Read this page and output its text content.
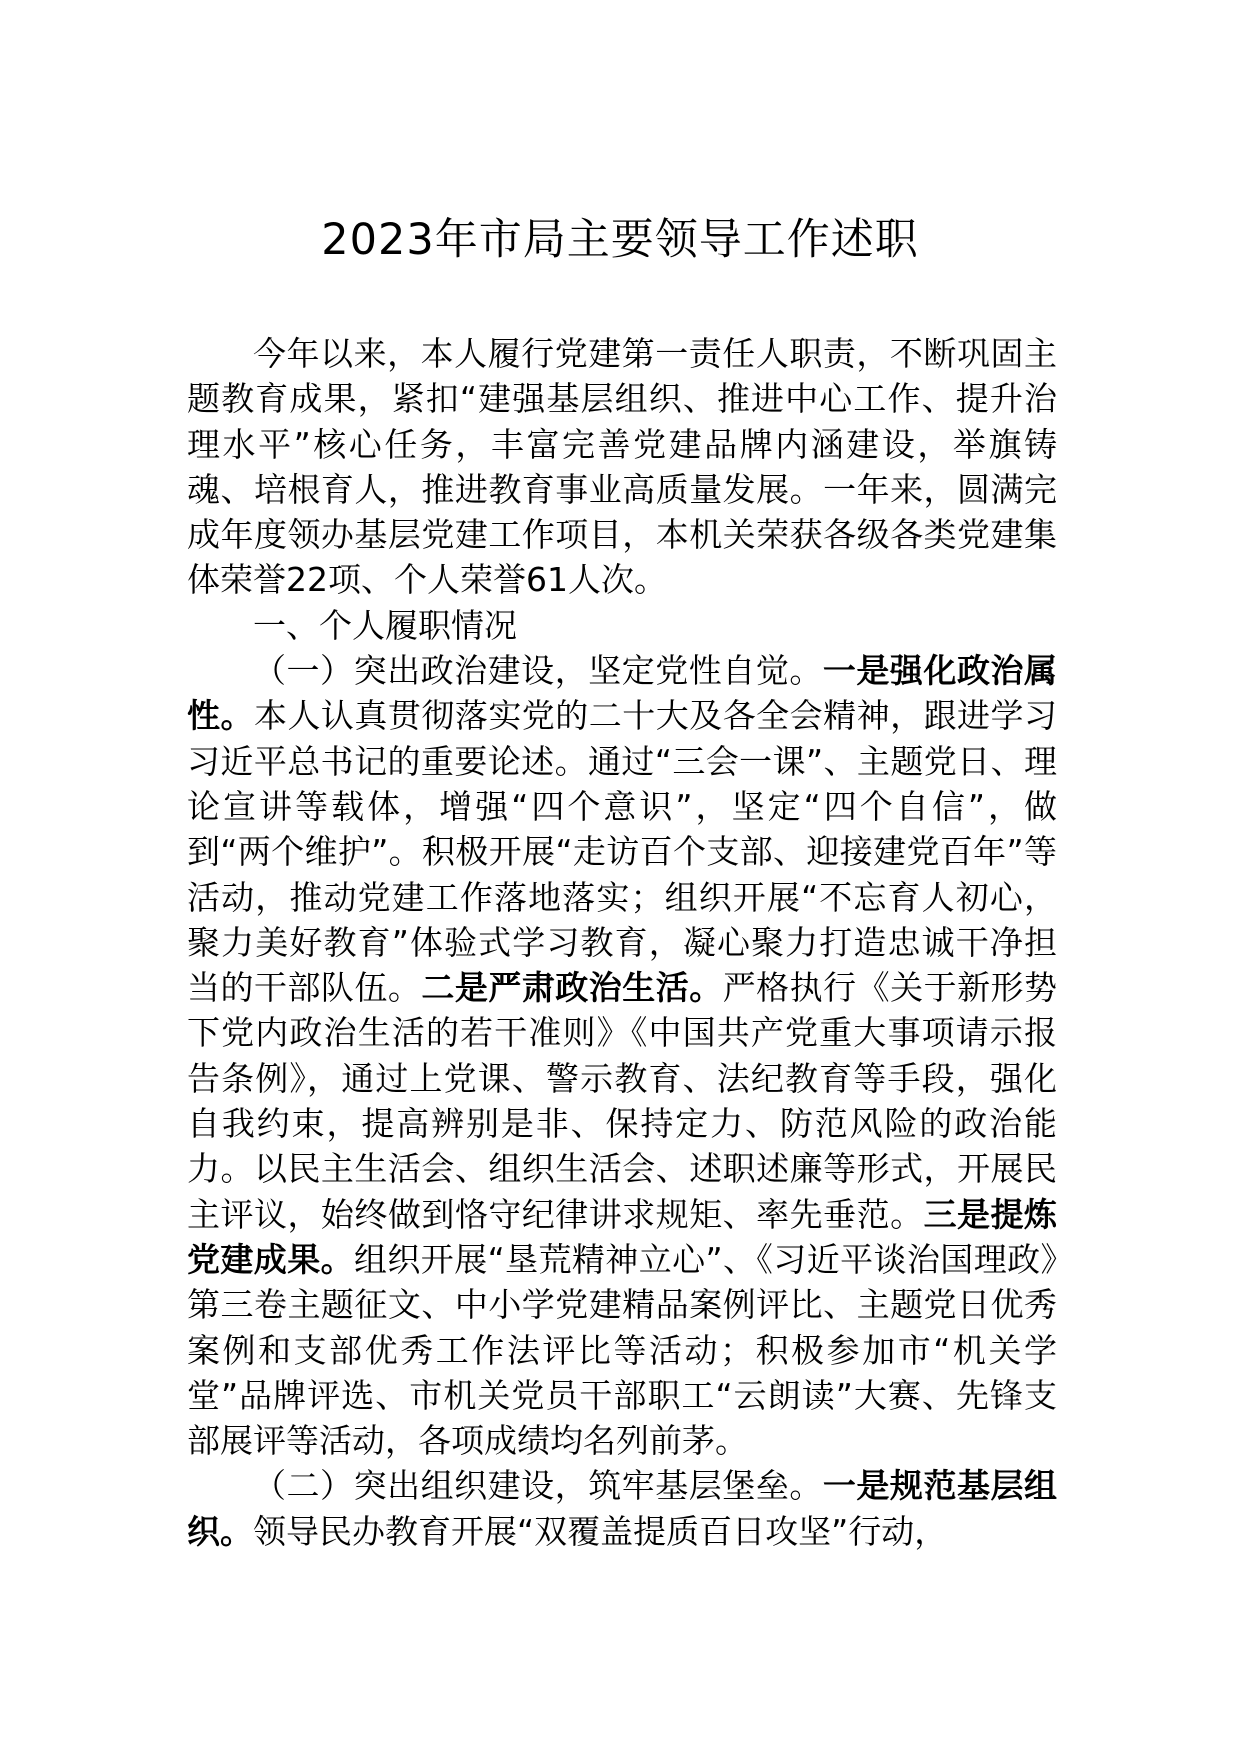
2023年市局主要领导工作述职

今年以来，本人履行党建第一责任人职责，不断巩固主题教育成果，紧扣“建强基层组织、推进中心工作、提升治理水平”核心任务，丰富完善党建品牌内涵建设，举旗铸魂、培根育人，推进教育事业高质量发展。一年来，圆满完成年度领办基层党建工作项目，本机关荣获各级各类党建集体荣誉22项、个人荣誉61人次。

一、个人履职情况

（一）突出政治建设，坚定党性自觉。一是强化政治属性。本人认真贯彻落实党的二十大及各全会精神，跟进学习习近平总书记的重要论述。通过“三会一课”、主题党日、理论宣讲等载体，增强“四个意识”，坚定“四个自信”，做到“两个维护”。积极开展“走访百个支部、迎接建党百年”等活动，推动党建工作落地落实；组织开展“不忘育人初心，聚力美好教育”体验式学习教育，凝心聚力打造忠诚干净担当的干部队伍。二是严肃政治生活。严格执行《关于新形势下党内政治生活的若干准则》《中国共产党重大事项请示报告条例》，通过上党课、警示教育、法纪教育等手段，强化自我约束，提高辨别是非、保持定力、防范风险的政治能力。以民主生活会、组织生活会、述职述廉等形式，开展民主评议，始终做到恪守纪律讲求规矩、率先垂范。三是提炼党建成果。组织开展“垦荒精神立心”、《习近平谈治国理政》第三卷主题征文、中小学党建精品案例评比、主题党日优秀案例和支部优秀工作法评比等活动；积极参加市“机关学堂”品牌评选、市机关党员干部职工“云朗读”大赛、先锋支部展评等活动，各项成绩均名列前茅。

（二）突出组织建设，筑牢基层堡垒。一是规范基层组织。领导民办教育开展“双覆盖提质百日攻坚”行动，
